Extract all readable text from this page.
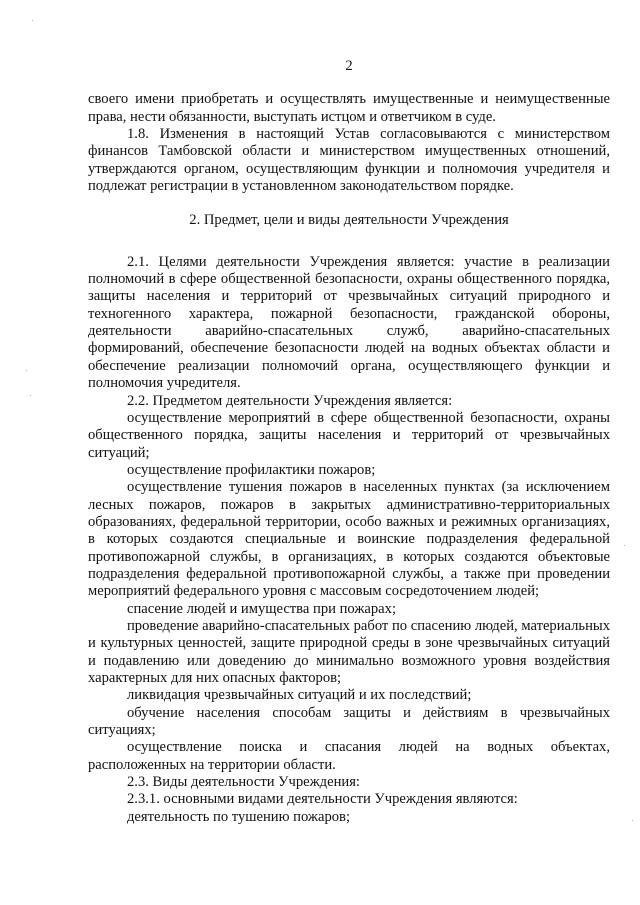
2

своего имени приобретать и осуществлять имущественные и неимущественные права, нести обязанности, выступать истцом и ответчиком в суде.

1.8. Изменения в настоящий Устав согласовываются с министерством финансов Тамбовской области и министерством имущественных отношений, утверждаются органом, осуществляющим функции и полномочия учредителя и подлежат регистрации в установленном законодательством порядке.

2. Предмет, цели и виды деятельности Учреждения

2.1. Целями деятельности Учреждения является: участие в реализации полномочий в сфере общественной безопасности, охраны общественного порядка, защиты населения и территорий от чрезвычайных ситуаций природного и техногенного характера, пожарной безопасности, гражданской обороны, деятельности аварийно-спасательных служб, аварийно-спасательных формирований, обеспечение безопасности людей на водных объектах области и обеспечение реализации полномочий органа, осуществляющего функции и полномочия учредителя.

2.2. Предметом деятельности Учреждения является:

осуществление мероприятий в сфере общественной безопасности, охраны общественного порядка, защиты населения и территорий от чрезвычайных ситуаций;

осуществление профилактики пожаров;

осуществление тушения пожаров в населенных пунктах (за исключением лесных пожаров, пожаров в закрытых административно-территориальных образованиях, федеральной территории, особо важных и режимных организациях, в которых создаются специальные и воинские подразделения федеральной противопожарной службы, в организациях, в которых создаются объектовые подразделения федеральной противопожарной службы, а также при проведении мероприятий федерального уровня с массовым сосредоточением людей;

спасение людей и имущества при пожарах;

проведение аварийно-спасательных работ по спасению людей, материальных и культурных ценностей, защите природной среды в зоне чрезвычайных ситуаций и подавлению или доведению до минимально возможного уровня воздействия характерных для них опасных факторов;

ликвидация чрезвычайных ситуаций и их последствий;

обучение населения способам защиты и действиям в чрезвычайных ситуациях;

осуществление поиска и спасания людей на водных объектах, расположенных на территории области.

2.3. Виды деятельности Учреждения:

2.3.1. основными видами деятельности Учреждения являются:

деятельность по тушению пожаров;
